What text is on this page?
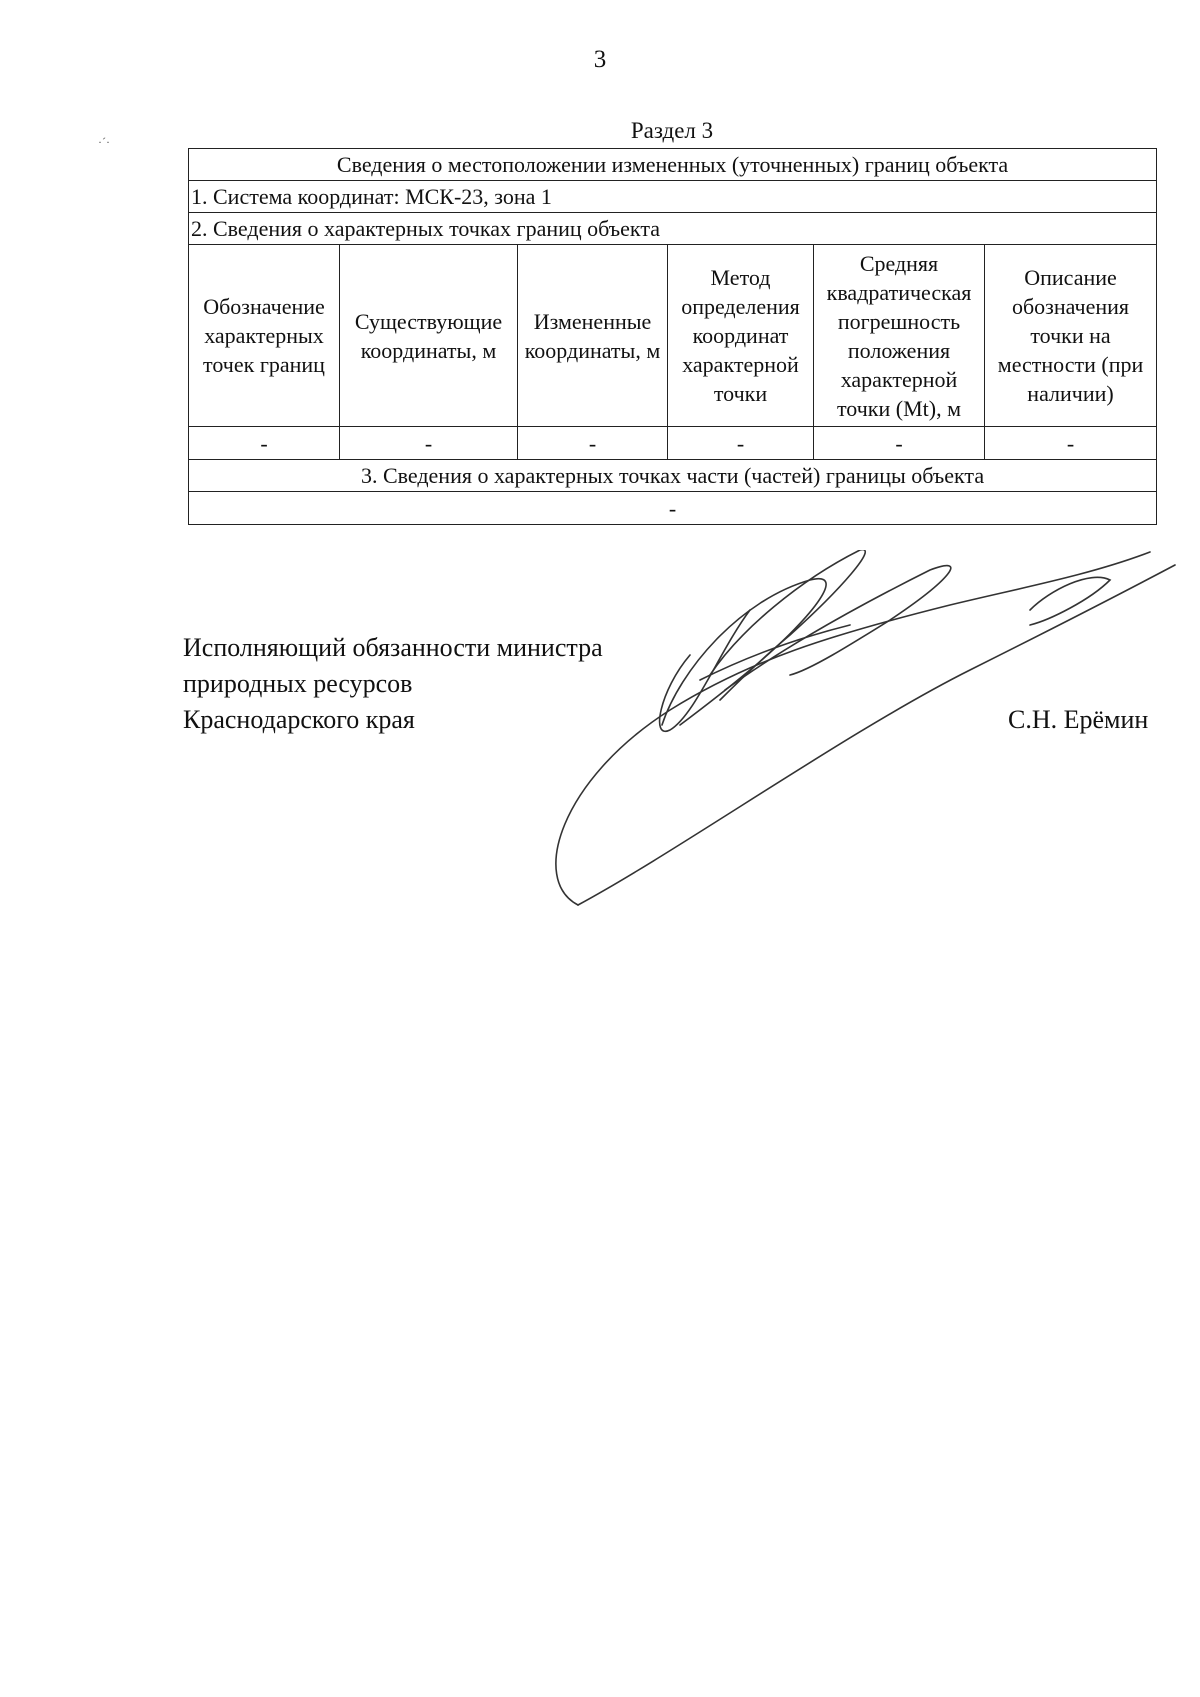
3
Раздел 3
·´·
Сведения о местоположении измененных (уточненных) границ объекта					
1. Система координат: МСК-23, зона 1					
2. Сведения о характерных точках границ объекта					
Обозначение характерных точек границ	Существующие координаты, м	Измененные координаты, м	Метод определения координат характерной точки	Средняя квадратическая погрешность положения характерной точки (Mt), м	Описание обозначения точки на местности (при наличии)
-	-	-	-	-	-
3. Сведения о характерных точках части (частей) границы объекта					
-					
Исполняющий обязанности министра
природных ресурсов
Краснодарского края	С.Н. Ерёмин
